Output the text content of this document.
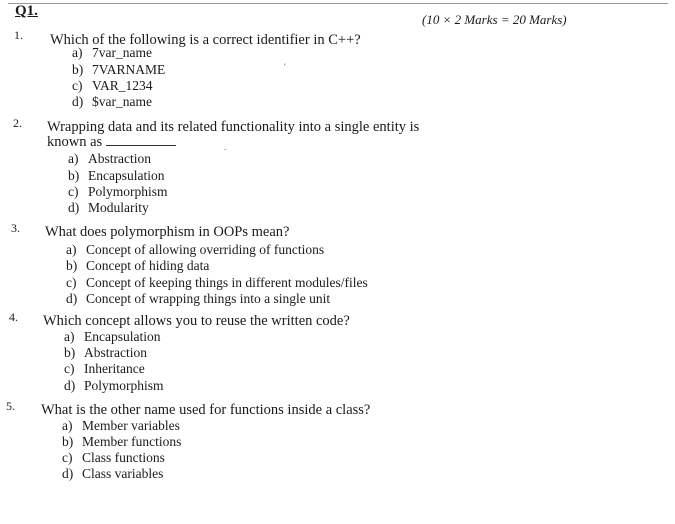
Q1.
(10 × 2 Marks = 20 Marks)
1. Which of the following is a correct identifier in C++?
a) 7var_name
b) 7VARNAME
c) VAR_1234
d) $var_name
2. Wrapping data and its related functionality into a single entity is
known as
a) Abstraction
b) Encapsulation
c) Polymorphism
d) Modularity
3. What does polymorphism in OOPs mean?
a) Concept of allowing overriding of functions
b) Concept of hiding data
c) Concept of keeping things in different modules/files
d) Concept of wrapping things into a single unit
4. Which concept allows you to reuse the written code?
a) Encapsulation
b) Abstraction
c) Inheritance
d) Polymorphism
5. What is the other name used for functions inside a class?
a) Member variables
b) Member functions
c) Class functions
d) Class variables
'
.
